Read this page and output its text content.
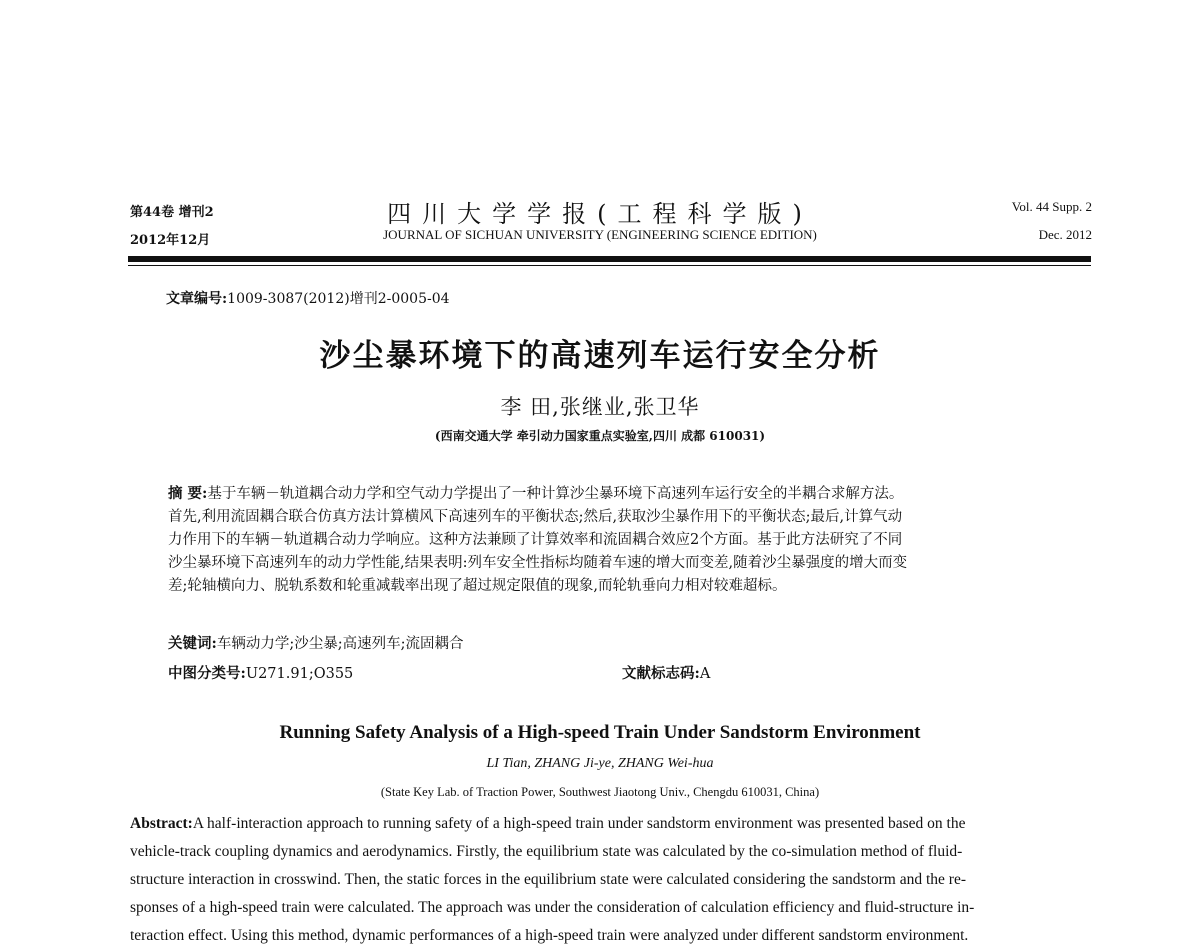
第44卷 增刊2
2012年12月
四川大学学报(工程科学版)
JOURNAL OF SICHUAN UNIVERSITY (ENGINEERING SCIENCE EDITION)
Vol. 44 Supp. 2
Dec. 2012
文章编号:1009-3087(2012)增刊2-0005-04
沙尘暴环境下的高速列车运行安全分析
李 田,张继业,张卫华
(西南交通大学 牵引动力国家重点实验室,四川 成都 610031)
摘 要:基于车辆－轨道耦合动力学和空气动力学提出了一种计算沙尘暴环境下高速列车运行安全的半耦合求解方法。
首先,利用流固耦合联合仿真方法计算横风下高速列车的平衡状态;然后,获取沙尘暴作用下的平衡状态;最后,计算气动
力作用下的车辆－轨道耦合动力学响应。这种方法兼顾了计算效率和流固耦合效应2个方面。基于此方法研究了不同
沙尘暴环境下高速列车的动力学性能,结果表明:列车安全性指标均随着车速的增大而变差,随着沙尘暴强度的增大而变
差;轮轴横向力、脱轨系数和轮重减载率出现了超过规定限值的现象,而轮轨垂向力相对较难超标。
关键词:车辆动力学;沙尘暴;高速列车;流固耦合
中图分类号:U271.91;O355	文献标志码:A
Running Safety Analysis of a High-speed Train Under Sandstorm Environment
LI Tian, ZHANG Ji-ye, ZHANG Wei-hua
(State Key Lab. of Traction Power, Southwest Jiaotong Univ., Chengdu 610031, China)
Abstract:A half-interaction approach to running safety of a high-speed train under sandstorm environment was presented based on the
vehicle-track coupling dynamics and aerodynamics. Firstly, the equilibrium state was calculated by the co-simulation method of fluid-
structure interaction in crosswind. Then, the static forces in the equilibrium state were calculated considering the sandstorm and the re-
sponses of a high-speed train were calculated. The approach was under the consideration of calculation efficiency and fluid-structure in-
teraction effect. Using this method, dynamic performances of a high-speed train were analyzed under different sandstorm environment.
